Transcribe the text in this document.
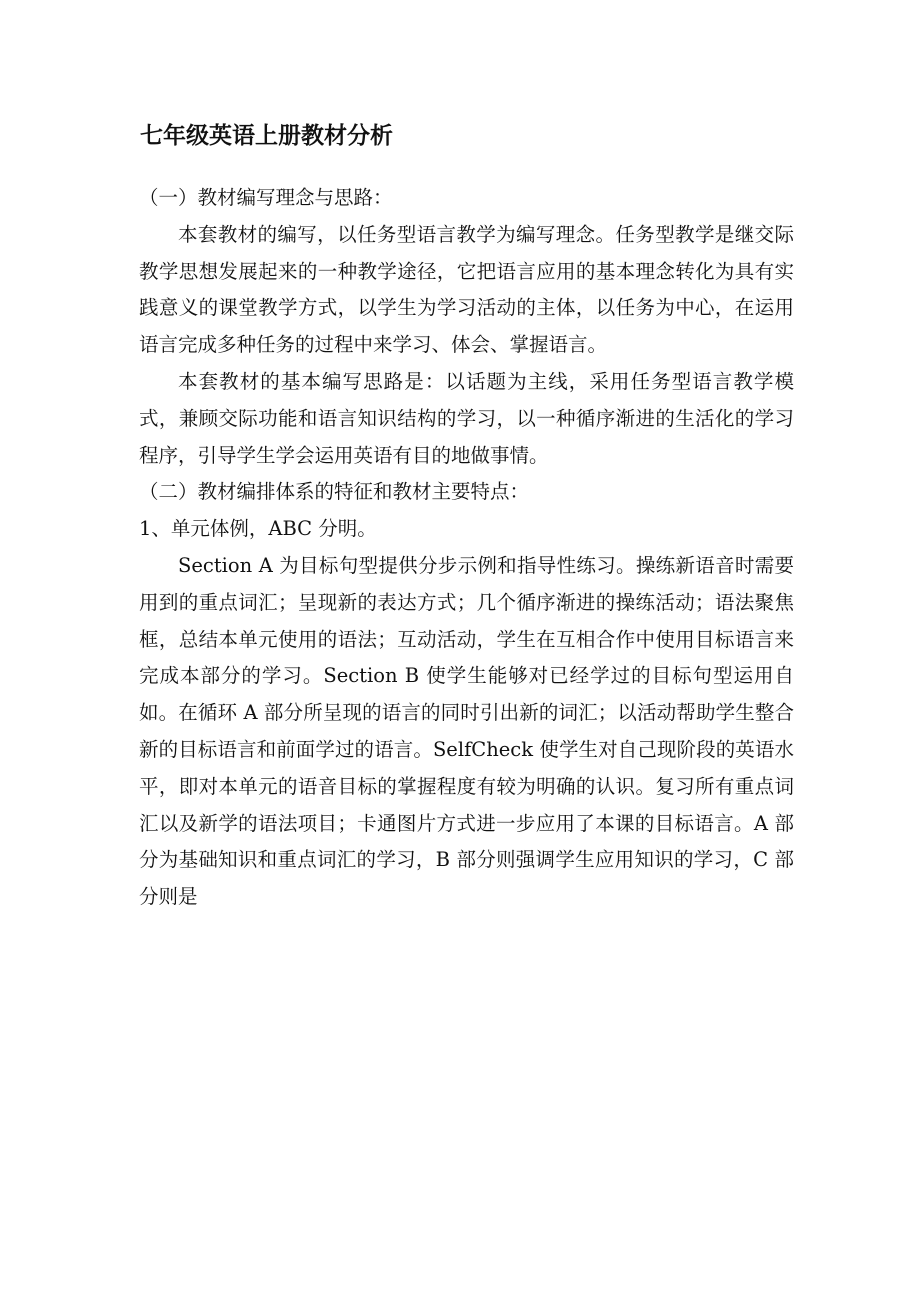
七年级英语上册教材分析

（一）教材编写理念与思路：

本套教材的编写，以任务型语言教学为编写理念。任务型教学是继交际教学思想发展起来的一种教学途径，它把语言应用的基本理念转化为具有实践意义的课堂教学方式，以学生为学习活动的主体，以任务为中心，在运用语言完成多种任务的过程中来学习、体会、掌握语言。

本套教材的基本编写思路是：以话题为主线，采用任务型语言教学模式，兼顾交际功能和语言知识结构的学习，以一种循序渐进的生活化的学习程序，引导学生学会运用英语有目的地做事情。

（二）教材编排体系的特征和教材主要特点：

1、单元体例，ABC 分明。

Section A 为目标句型提供分步示例和指导性练习。操练新语音时需要用到的重点词汇；呈现新的表达方式；几个循序渐进的操练活动；语法聚焦框，总结本单元使用的语法；互动活动，学生在互相合作中使用目标语言来完成本部分的学习。Section B 使学生能够对已经学过的目标句型运用自如。在循环 A 部分所呈现的语言的同时引出新的词汇；以活动帮助学生整合新的目标语言和前面学过的语言。SelfCheck 使学生对自己现阶段的英语水平，即对本单元的语音目标的掌握程度有较为明确的认识。复习所有重点词汇以及新学的语法项目；卡通图片方式进一步应用了本课的目标语言。A 部分为基础知识和重点词汇的学习，B 部分则强调学生应用知识的学习，C 部分则是
